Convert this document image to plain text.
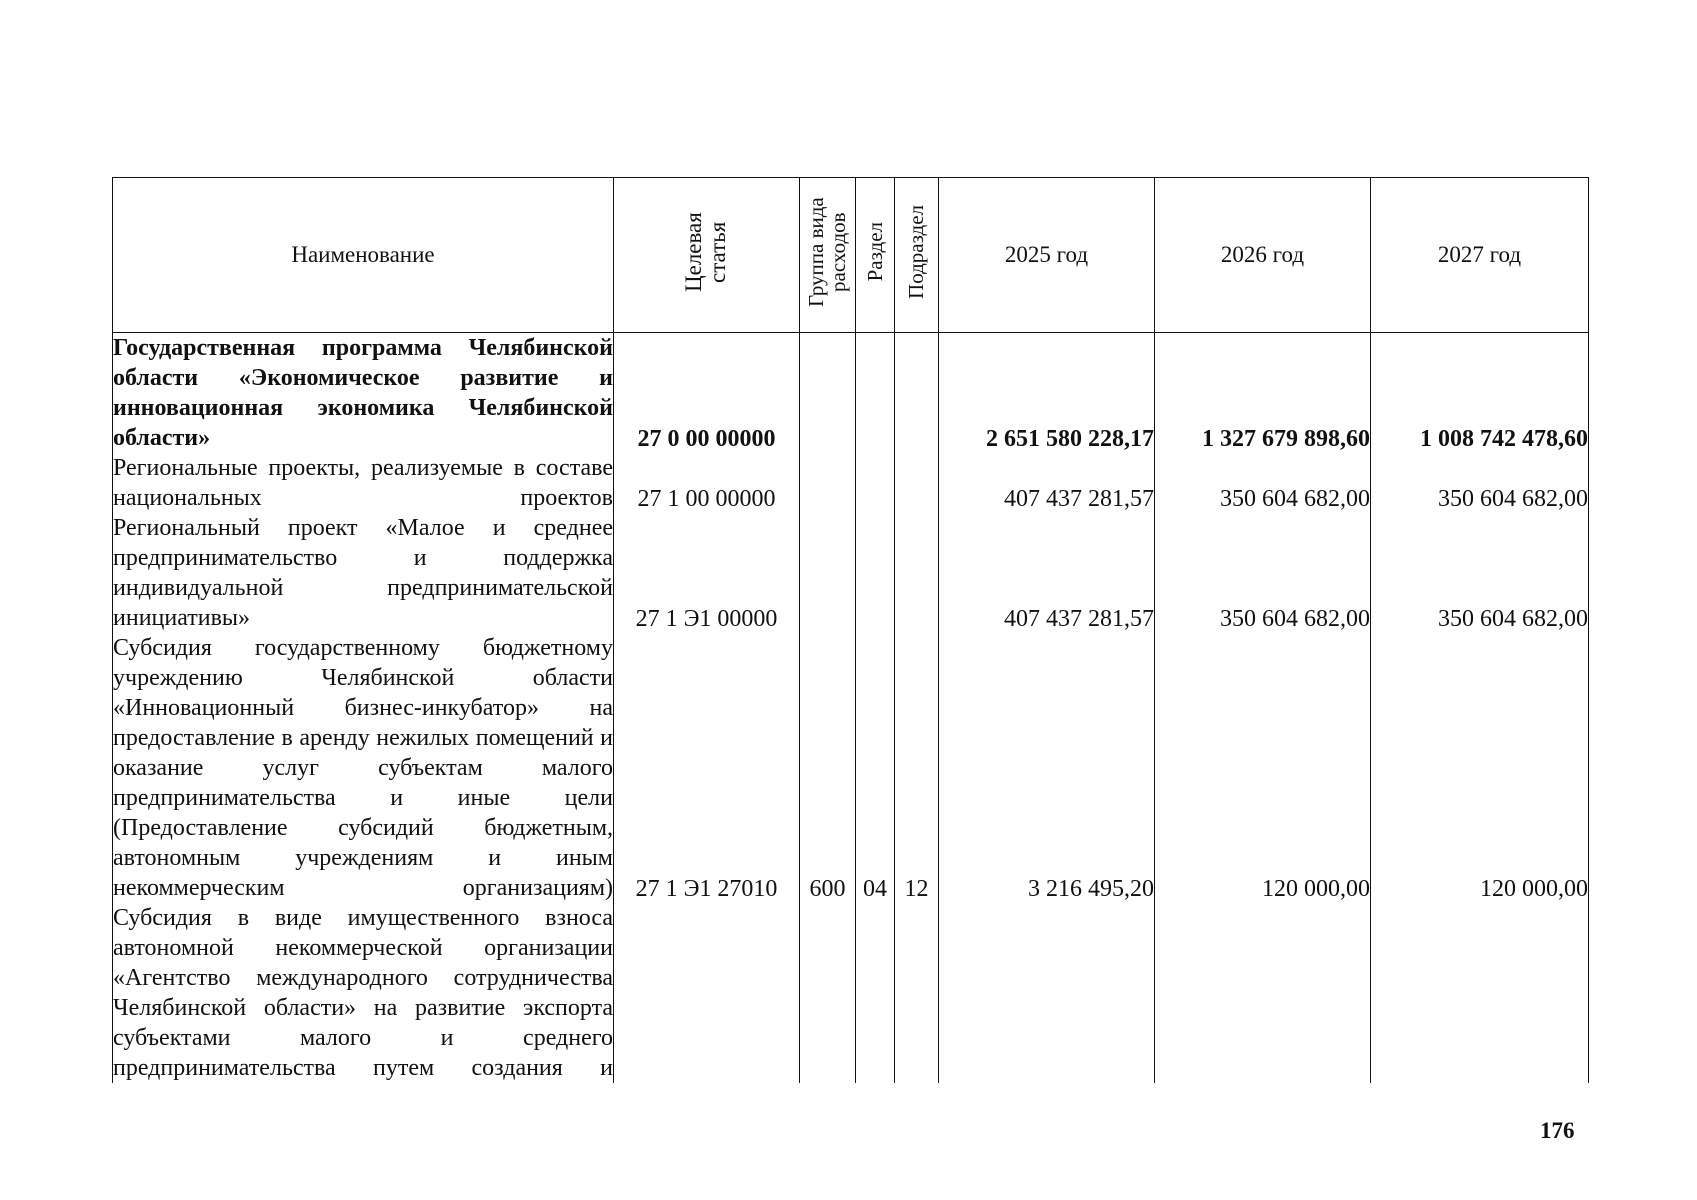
Наименование	Целевая статья	Группа вида расходов	Раздел	Подраздел	2025 год	2026 год	2027 год
Государственная программа Челябинской области «Экономическое развитие и инновационная экономика Челябинской области»	27 0 00 00000				2 651 580 228,17	1 327 679 898,60	1 008 742 478,60
Региональные проекты, реализуемые в составе национальных проектов	27 1 00 00000				407 437 281,57	350 604 682,00	350 604 682,00
Региональный проект «Малое и среднее предпринимательство и поддержка индивидуальной предпринимательской инициативы»	27 1 Э1 00000				407 437 281,57	350 604 682,00	350 604 682,00
Субсидия государственному бюджетному учреждению Челябинской области «Инновационный бизнес-инкубатор» на предоставление в аренду нежилых помещений и оказание услуг субъектам малого предпринимательства и иные цели (Предоставление субсидий бюджетным, автономным учреждениям и иным некоммерческим организациям)	27 1 Э1 27010	600	04	12	3 216 495,20	120 000,00	120 000,00
Субсидия в виде имущественного взноса автономной некоммерческой организации «Агентство международного сотрудничества Челябинской области» на развитие экспорта субъектами малого и среднего предпринимательства путем создания и							
176
